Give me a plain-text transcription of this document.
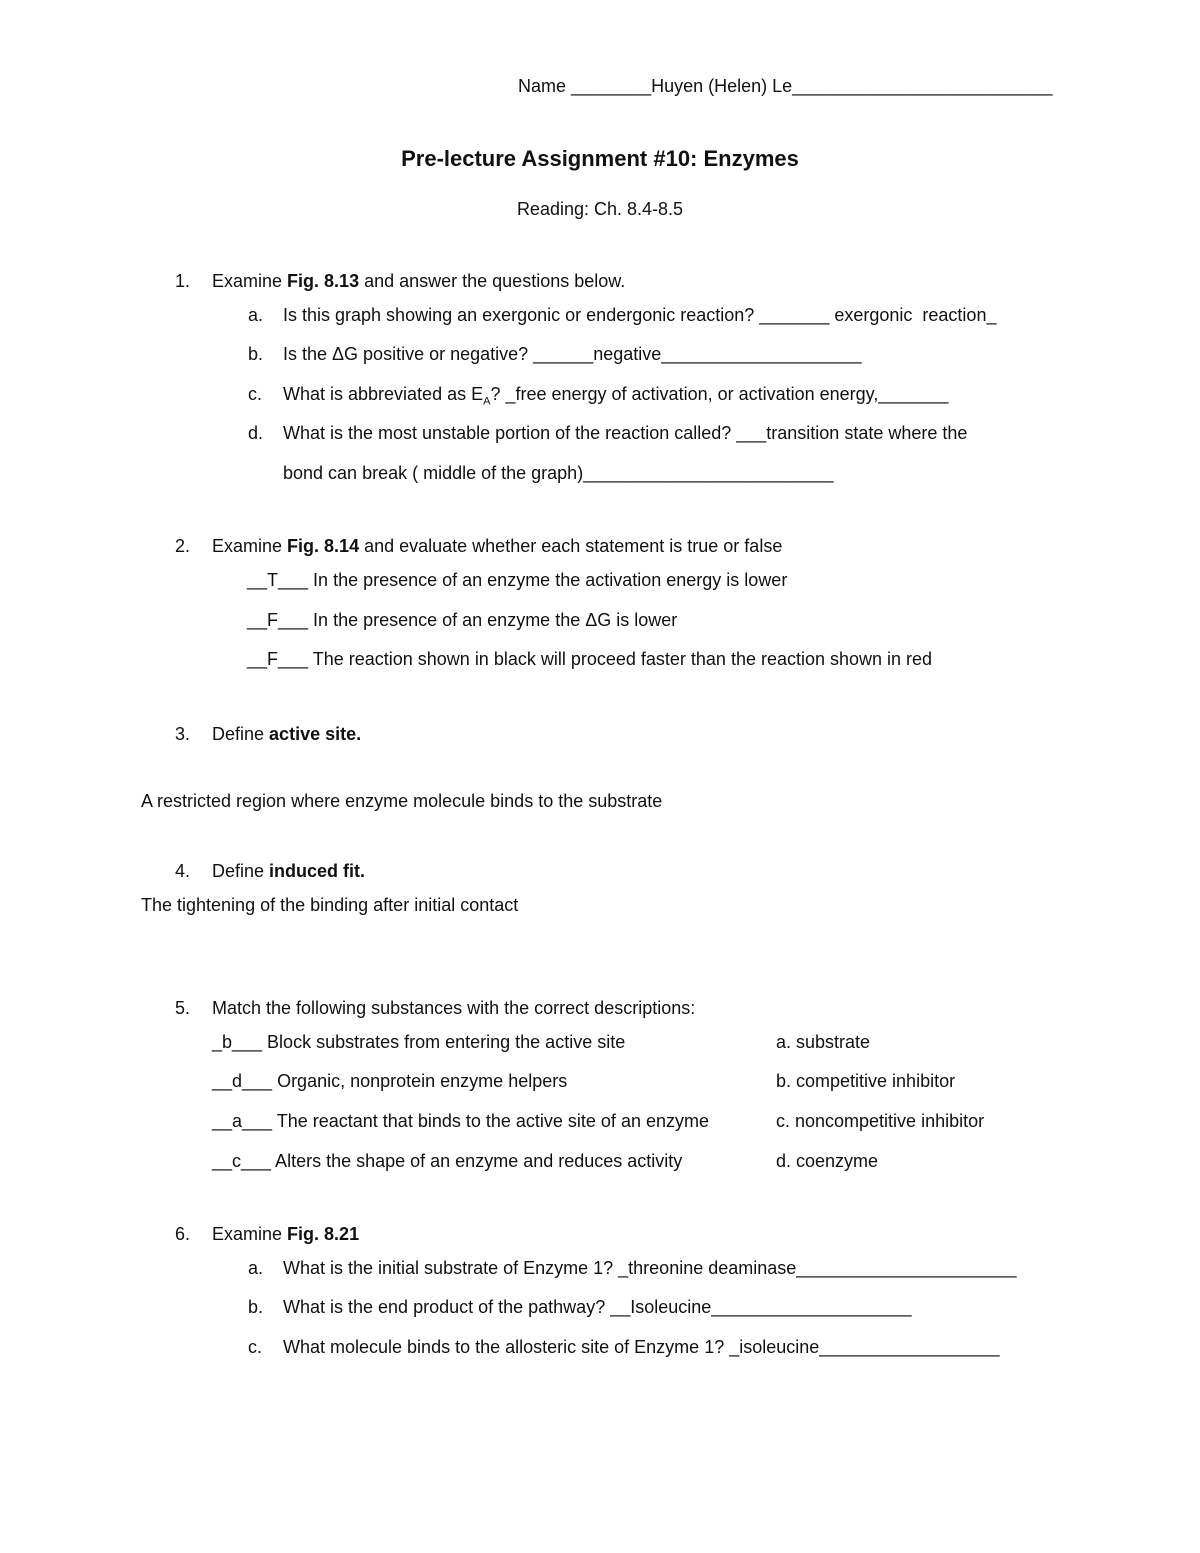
Name ________Huyen (Helen) Le__________________________
Pre-lecture Assignment #10: Enzymes
Reading: Ch. 8.4-8.5
1. Examine Fig. 8.13 and answer the questions below.
a. Is this graph showing an exergonic or endergonic reaction? _______ exergonic  reaction_
b. Is the ΔG positive or negative? ______negative____________________
c. What is abbreviated as $E_A$? _free energy of activation, or activation energy,_______
d. What is the most unstable portion of the reaction called? ___transition state where the
bond can break ( middle of the graph)_________________________
2. Examine Fig. 8.14 and evaluate whether each statement is true or false
__T___ In the presence of an enzyme the activation energy is lower
__F___ In the presence of an enzyme the ΔG is lower
__F___ The reaction shown in black will proceed faster than the reaction shown in red
3. Define active site.
A restricted region where enzyme molecule binds to the substrate
4. Define induced fit.
The tightening of the binding after initial contact
5. Match the following substances with the correct descriptions:
_b___ Block substrates from entering the active site	a. substrate
__d___ Organic, nonprotein enzyme helpers	b. competitive inhibitor
__a___ The reactant that binds to the active site of an enzyme	c. noncompetitive inhibitor
__c___ Alters the shape of an enzyme and reduces activity	d. coenzyme
6. Examine Fig. 8.21
a. What is the initial substrate of Enzyme 1? _threonine deaminase______________________
b. What is the end product of the pathway? __Isoleucine____________________
c. What molecule binds to the allosteric site of Enzyme 1? _isoleucine__________________
